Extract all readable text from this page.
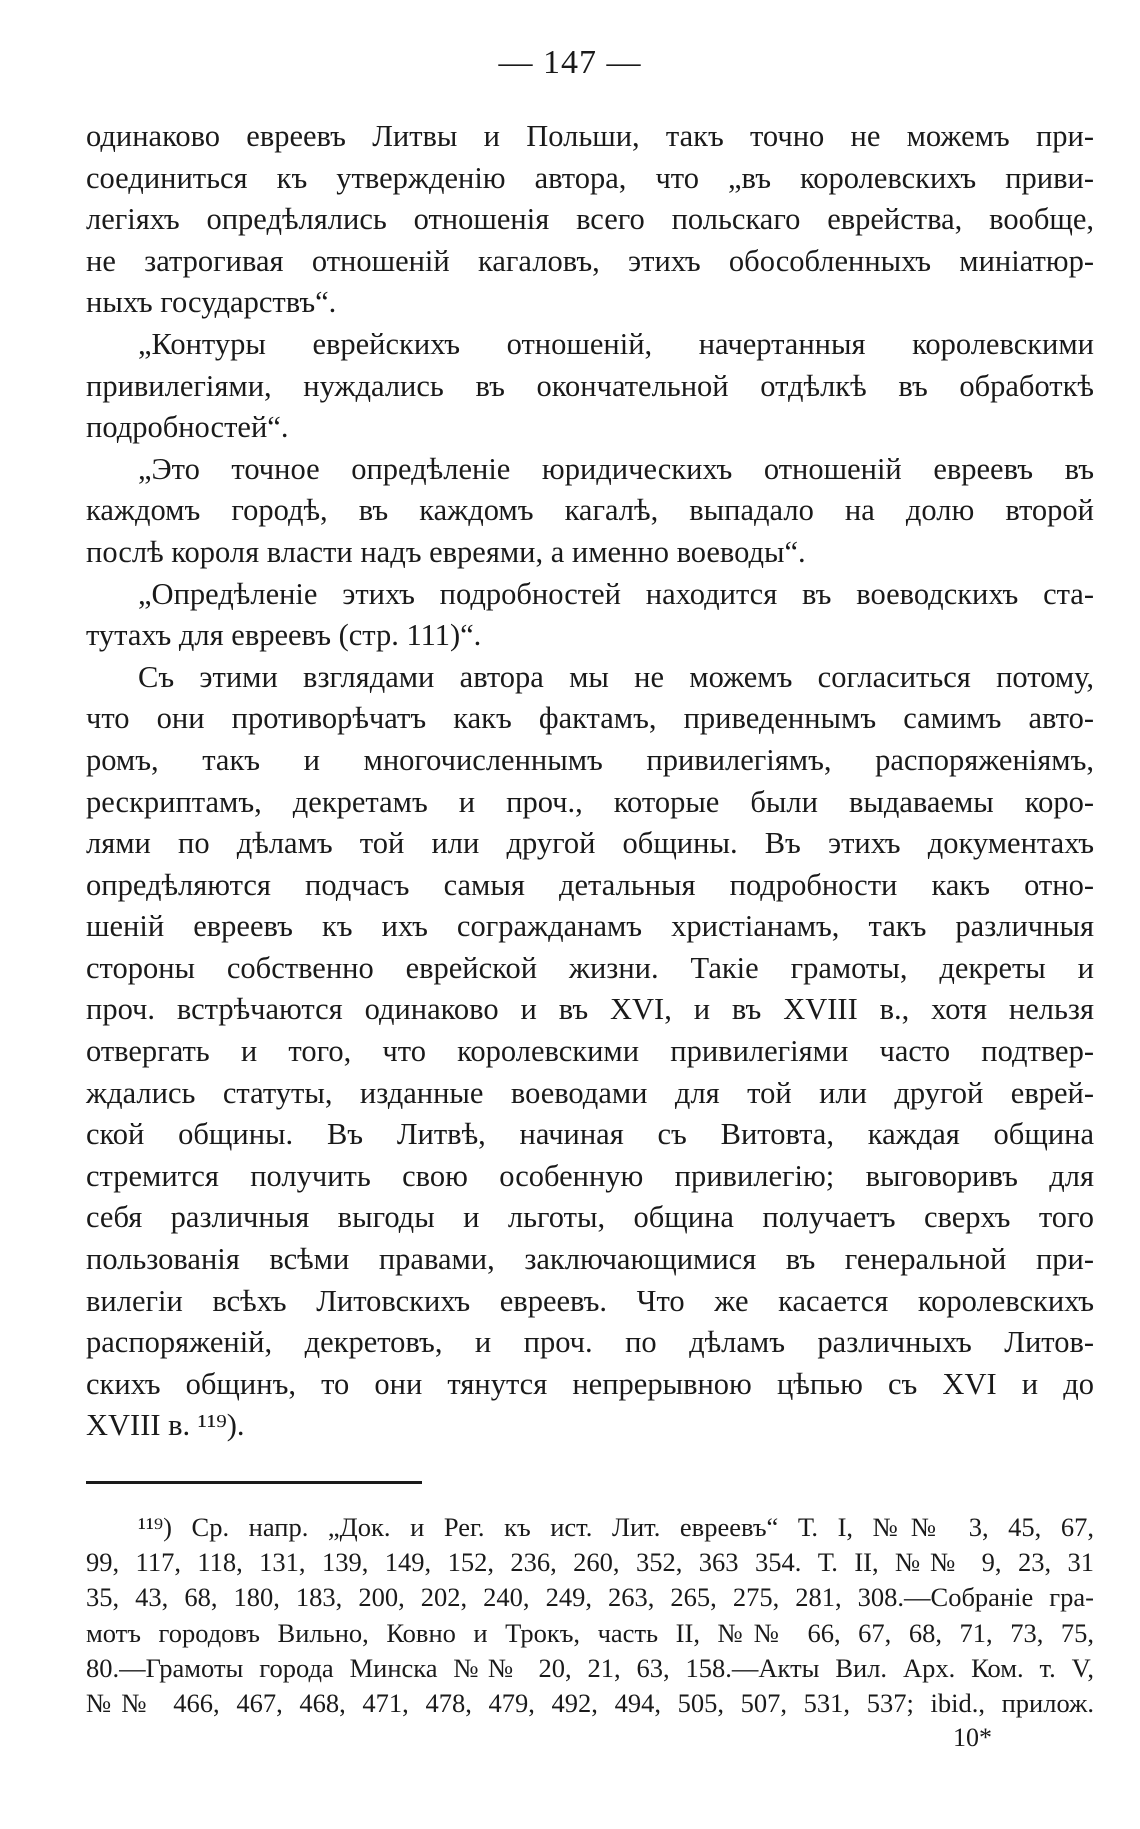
— 147 —
одинаково евреевъ Литвы и Польши, такъ точно не можемъ при-
соединиться къ утвержденію автора, что „въ королевскихъ приви-
легіяхъ опредѣлялись отношенія всего польскаго еврейства, вообще,
не затрогивая отношеній кагаловъ, этихъ обособленныхъ миніатюр-
ныхъ государствъ“.
„Контуры еврейскихъ отношеній, начертанныя королевскими
привилегіями, нуждались въ окончательной отдѣлкѣ въ обработкѣ
подробностей“.
„Это точное опредѣленіе юридическихъ отношеній евреевъ въ
каждомъ городѣ, въ каждомъ кагалѣ, выпадало на долю второй
послѣ короля власти надъ евреями, а именно воеводы“.
„Опредѣленіе этихъ подробностей находится въ воеводскихъ ста-
тутахъ для евреевъ (стр. 111)“.
Съ этими взглядами автора мы не можемъ согласиться потому,
что они противорѣчатъ какъ фактамъ, приведеннымъ самимъ авто-
ромъ, такъ и многочисленнымъ привилегіямъ, распоряженіямъ,
рескриптамъ, декретамъ и проч., которые были выдаваемы коро-
лями по дѣламъ той или другой общины. Въ этихъ документахъ
опредѣляются подчасъ самыя детальныя подробности какъ отно-
шеній евреевъ къ ихъ согражданамъ христіанамъ, такъ различныя
стороны собственно еврейской жизни. Такіе грамоты, декреты и
проч. встрѣчаются одинаково и въ XVI, и въ XVIII в., хотя нельзя
отвергать и того, что королевскими привилегіями часто подтвер-
ждались статуты, изданные воеводами для той или другой еврей-
ской общины. Въ Литвѣ, начиная съ Витовта, каждая община
стремится получить свою особенную привилегію; выговоривъ для
себя различныя выгоды и льготы, община получаетъ сверхъ того
пользованія всѣми правами, заключающимися въ генеральной при-
вилегіи всѣхъ Литовскихъ евреевъ. Что же касается королевскихъ
распоряженій, декретовъ, и проч. по дѣламъ различныхъ Литов-
скихъ общинъ, то они тянутся непрерывною цѣпью съ XVI и до
XVIII в. ¹¹⁹).
¹¹⁹) Ср. напр. „Док. и Рег. къ ист. Лит. евреевъ“ Т. I, №№ 3, 45, 67,
99, 117, 118, 131, 139, 149, 152, 236, 260, 352, 363 354. Т. II, №№ 9, 23, 31
35, 43, 68, 180, 183, 200, 202, 240, 249, 263, 265, 275, 281, 308.—Собраніе гра-
мотъ городовъ Вильно, Ковно и Трокъ, часть II, №№ 66, 67, 68, 71, 73, 75,
80.—Грамоты города Минска №№ 20, 21, 63, 158.—Акты Вил. Арх. Ком. т. V,
№№ 466, 467, 468, 471, 478, 479, 492, 494, 505, 507, 531, 537; ibid., прилож.
10*
